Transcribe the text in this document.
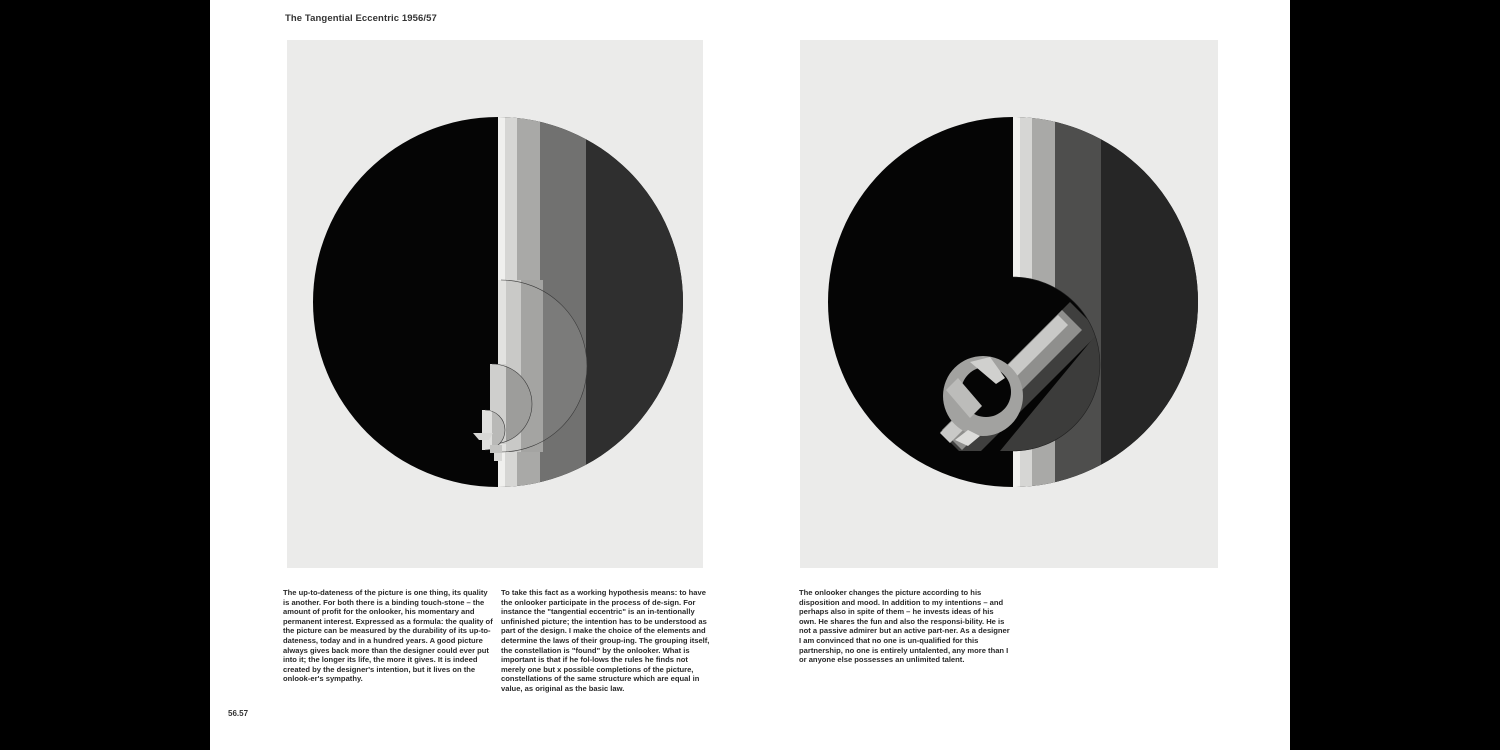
The Tangential Eccentric 1956/57
The up-to-dateness of the picture is one thing, its quality is another. For both there is a binding touch-stone – the amount of profit for the onlooker, his momentary and permanent interest. Expressed as a formula: the quality of the picture can be measured by the durability of its up-to-dateness, today and in a hundred years. A good picture always gives back more than the designer could ever put into it; the longer its life, the more it gives. It is indeed created by the designer's intention, but it lives on the onlook-er's sympathy.
To take this fact as a working hypothesis means: to have the onlooker participate in the process of de-sign. For instance the "tangential eccentric" is an in-tentionally unfinished picture; the intention has to be understood as part of the design. I make the choice of the elements and determine the laws of their group-ing. The grouping itself, the constellation is "found" by the onlooker. What is important is that if he fol-lows the rules he finds not merely one but x possible completions of the picture, constellations of the same structure which are equal in value, as original as the basic law.
The onlooker changes the picture according to his disposition and mood. In addition to my intentions – and perhaps also in spite of them – he invests ideas of his own. He shares the fun and also the responsi-bility. He is not a passive admirer but an active part-ner. As a designer I am convinced that no one is un-qualified for this partnership, no one is entirely untalented, any more than I or anyone else possesses an unlimited talent.
56.57
